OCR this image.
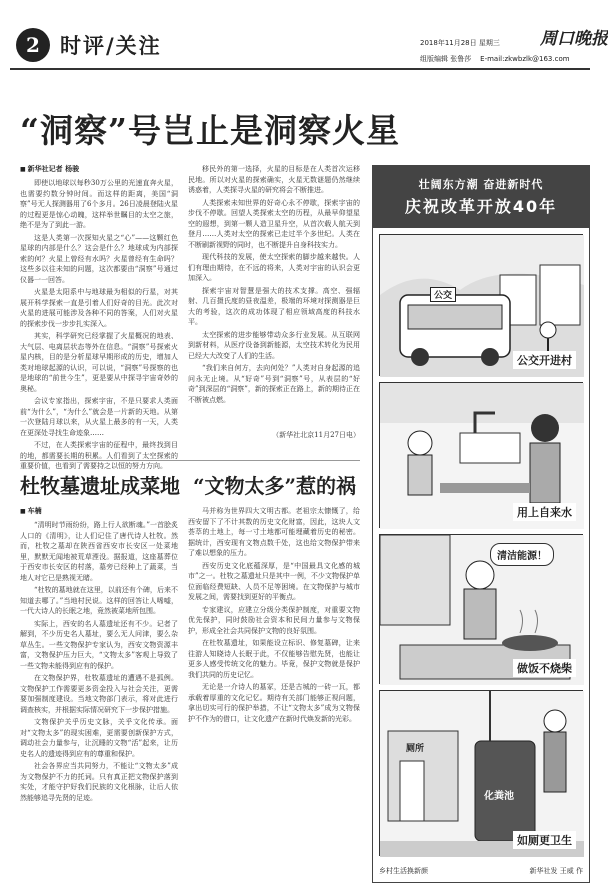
2 时评/关注	2018年11月28日 星期三
组版编辑 张鲁莎 E-mail:zkwbzlk@163.com
周口晚报
“洞察”号岂止是洞察火星
■ 新华社记者 杨骏

即使以地球以每秒30万公里的光速直奔火星，也需要约数分钟时间。而这样的距离，美国“洞察”号无人探测器用了6个多月。26日凌晨登陆火星的过程更是惊心动魄，这样举世瞩目的太空之旅，绝不是为了到此一游。

这是人类第一次探知火星之“心”——这颗红色星球的内部是什么？这会是什么？地球成为内部探索的何？火星上曾经有水吗？火星曾经有生命吗？这些多以往未知的问题，这次都要由“洞察”号通过仪器一一回答。

火星是太阳系中与地球最为相似的行星，对其展开科学探索一直是引着人们好奇的目光。此次对火星的进展可能涉及各种不同的答案，人们对火星的探索步伐一步步扎实深入。

其实，科学研究已经掌握了火星概况的地表、大气层、电离层状态等外在信息。“洞察”号探索火星内核，目的是分析星球早期形成的历史，增加人类对地球起源的认识，可以说，“洞察”号探察的也是地球的“前世今生”，更是要从中探寻宇宙奇妙的奥秘。

会议专家指出，探索宇宙，不是只要求人类面前“为什么”，“为什么”就会是一片新的天地。从第一次登陆月球以来，从火星上最多的有一天，人类在更深处寻找生命迹象……

不过，在人类探索宇宙的征程中，最终找到目的地，都需要长期的积累。人们看到了太空探索的重要价值，也看到了需要持之以恒的努力方向。

移民外的第一选择，火星的目标是在人类首次运移民地。所以对火星的探索确实，火星无数谜题仍然继续诱惑着，人类探寻火星的研究将会不断推进。

人类探索未知世界的好奇心永不停歇，探索宇宙的步伐不停歇。回望人类探索太空的历程，从最早仰望星空的遐想，到第一颗人造卫星升空，从首次载人航天到登月……人类对太空的探索已走过半个多世纪。人类在不断刷新视野的同时，也不断提升自身科技实力。

现代科技的发展，使太空探索的脚步越来越快。人们有理由期待，在不远的将来，人类对宇宙的认识会更加深入。

探索宇宙对智慧是强大的技术支撑。高空、强辐射、几百摄氏度的昼夜温差，极端的环境对探测器是巨大的考验，这次的成功体现了相应领域高度的科技水平。

太空探索的进步能够带动众多行业发展。从互联网到新材料，从医疗设备到新能源，太空技术转化为民用已经大大改变了人们的生活。

“我们来自何方，去向何处？”人类对自身起源的追问永无止境。从“好奇”号到“洞察”号，从表层的“好奇”到深层的“洞察”，新的探索正在路上，新的期待正在不断被点燃。

（新华社北京11月27日电）

杜牧墓遗址成菜地 “文物太多”惹的祸
■ 车楠

“清明时节雨纷纷，路上行人欲断魂。”一首脍炙人口的《清明》，让人们记住了唐代诗人杜牧。然而，杜牧之墓却在陕西省西安市长安区一处菜地里，默默无闻地被荒草湮没。据报道，这座墓葬位于西安市长安区的村落，墓旁已经种上了蔬菜，当地人对它已是熟视无睹。

“杜牧的墓地就在这里，以前还有个碑，后来不知道去哪了。”当地村民说。这样的回答让人唏嘘，一代大诗人的长眠之地，竟然被菜地所包围。

实际上，西安的名人墓遗址还有不少。记者了解到，不少历史名人墓址，要么无人问津，要么杂草丛生。一些文物保护专家认为，西安文物资源丰富，文物保护压力巨大，“文物太多”客观上导致了一些文物未能得到应有的保护。

在文物保护界，杜牧墓遗址的遭遇不是孤例。文物保护工作需要更多资金投入与社会关注，更需要加强制度建设。当地文物部门表示，将对此进行调查核实，并根据实际情况研究下一步保护措施。

文物保护关乎历史文脉，关乎文化传承。面对“文物太多”的现实困难，更需要创新保护方式，调动社会力量参与，让沉睡的文物“活”起来，让历史名人的遗迹得到应有的尊重和保护。

社会各界应当共同努力，不能让“文物太多”成为文物保护不力的托词。只有真正把文物保护落到实处，才能守护好我们民族的文化根脉，让后人依然能够追寻先贤的足迹。

马并称为世界四大文明古都。老祖宗太慷慨了，给西安留下了不计其数的历史文化财富，因此，这块人文荟萃的土地上，每一寸土地都可能埋藏着历史的秘密。据统计，西安现有文物点数千处，这也给文物保护带来了难以想象的压力。

西安历史文化底蕴深厚，是“中国最具文化感的城市”之一。杜牧之墓遗址只是其中一例，不少文物保护单位面临经费短缺、人员不足等困境。在文物保护与城市发展之间，需要找到更好的平衡点。

专家建议，应建立分级分类保护制度，对重要文物优先保护，同时鼓励社会资本和民间力量参与文物保护，形成全社会共同保护文物的良好氛围。

在杜牧墓遗址，如果能设立标识、修复墓碑，让来往游人知晓诗人长眠于此，不仅能够告慰先贤，也能让更多人感受传统文化的魅力。毕竟，保护文物就是保护我们共同的历史记忆。

无论是一介诗人的墓冢，还是古城的一砖一瓦，都承载着厚重的文化记忆。期待有关部门能够正视问题，拿出切实可行的保护举措，不让“文物太多”成为文物保护不作为的借口，让文化遗产在新时代焕发新的光彩。

壮阔东方潮 奋进新时代
庆祝改革开放40年
公交
公交开进村
用上自来水
清洁能源！
做饭不烧柴
厕所
化粪池
如厕更卫生
乡村生活换新颜	新华社发 王威 作
